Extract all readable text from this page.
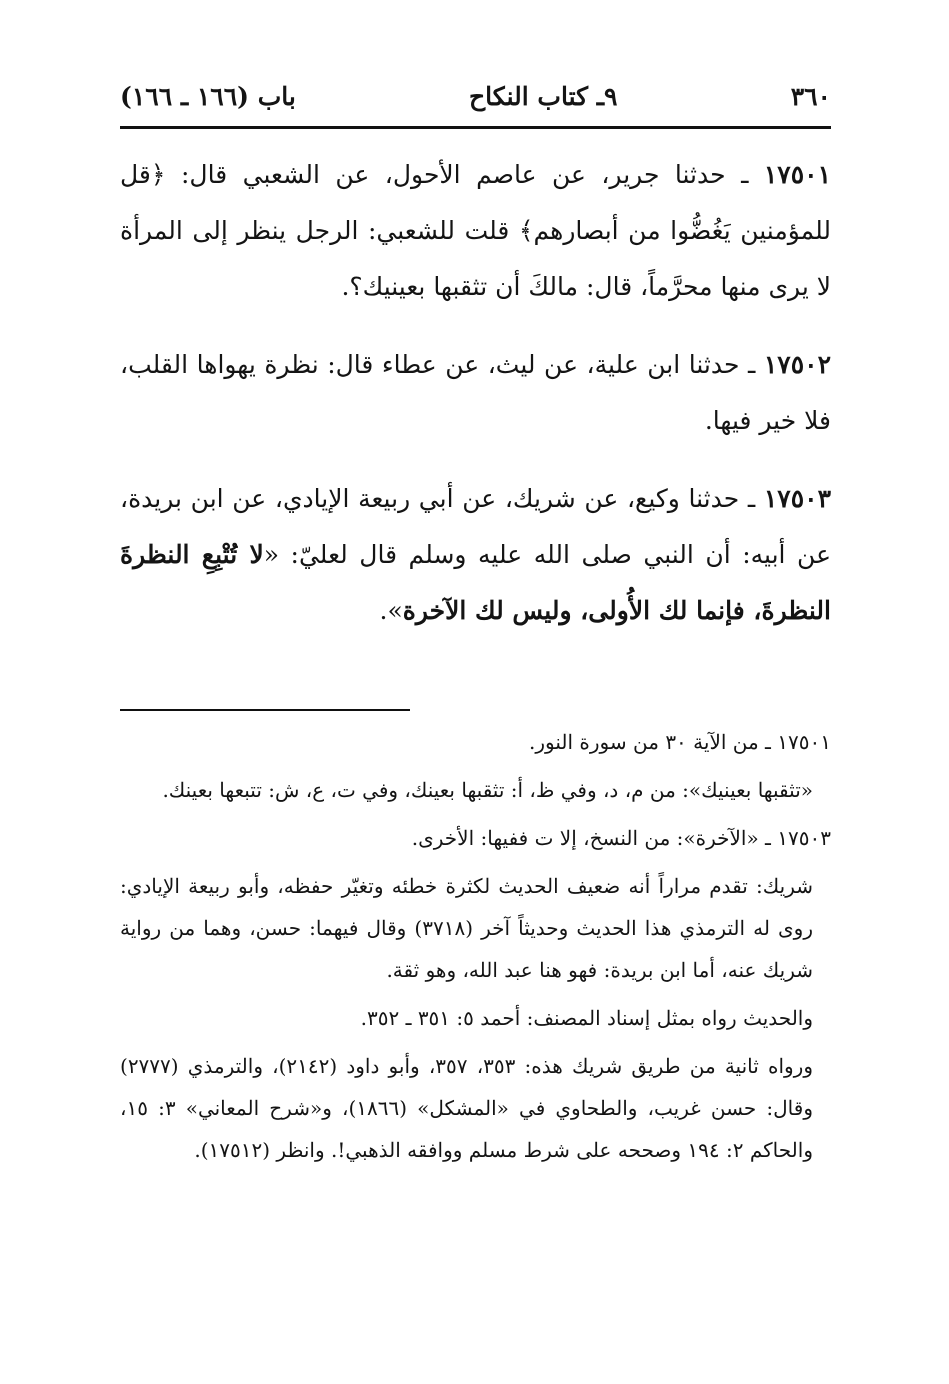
٣٦٠
٩ـ كتاب النكاح
باب (١٦٦ ـ ١٦٦)

١٧٥٠١ ـ حدثنا جرير، عن عاصم الأحول، عن الشعبي قال: ﴿قل للمؤمنين يَغُضُّوا من أبصارهم﴾ قلت للشعبي: الرجل ينظر إلى المرأة لا يرى منها محرَّماً، قال: مالكَ أن تثقبها بعينيك؟.

١٧٥٠٢ ـ حدثنا ابن علية، عن ليث، عن عطاء قال: نظرة يهواها القلب، فلا خير فيها.

١٧٥٠٣ ـ حدثنا وكيع، عن شريك، عن أبي ربيعة الإيادي، عن ابن بريدة، عن أبيه: أن النبي صلى الله عليه وسلم قال لعليّ: «لا تُتْبِعِ النظرةَ النظرةَ، فإنما لك الأُولى، وليس لك الآخرة».

١٧٥٠١ ـ من الآية ٣٠ من سورة النور.

«تثقبها بعينيك»: من م، د، وفي ظ، أ: تثقبها بعينك، وفي ت، ع، ش: تتبعها بعينك.

١٧٥٠٣ ـ «الآخرة»: من النسخ، إلا ت ففيها: الأخرى.

شريك: تقدم مراراً أنه ضعيف الحديث لكثرة خطئه وتغيّر حفظه، وأبو ربيعة الإيادي: روى له الترمذي هذا الحديث وحديثاً آخر (٣٧١٨) وقال فيهما: حسن، وهما من رواية شريك عنه، أما ابن بريدة: فهو هنا عبد الله، وهو ثقة.

والحديث رواه بمثل إسناد المصنف: أحمد ٥: ٣٥١ ـ ٣٥٢.

ورواه ثانية من طريق شريك هذه: ٣٥٣، ٣٥٧، وأبو داود (٢١٤٢)، والترمذي (٢٧٧٧) وقال: حسن غريب، والطحاوي في «المشكل» (١٨٦٦)، و«شرح المعاني» ٣: ١٥، والحاكم ٢: ١٩٤ وصححه على شرط مسلم ووافقه الذهبي!. وانظر (١٧٥١٢).
